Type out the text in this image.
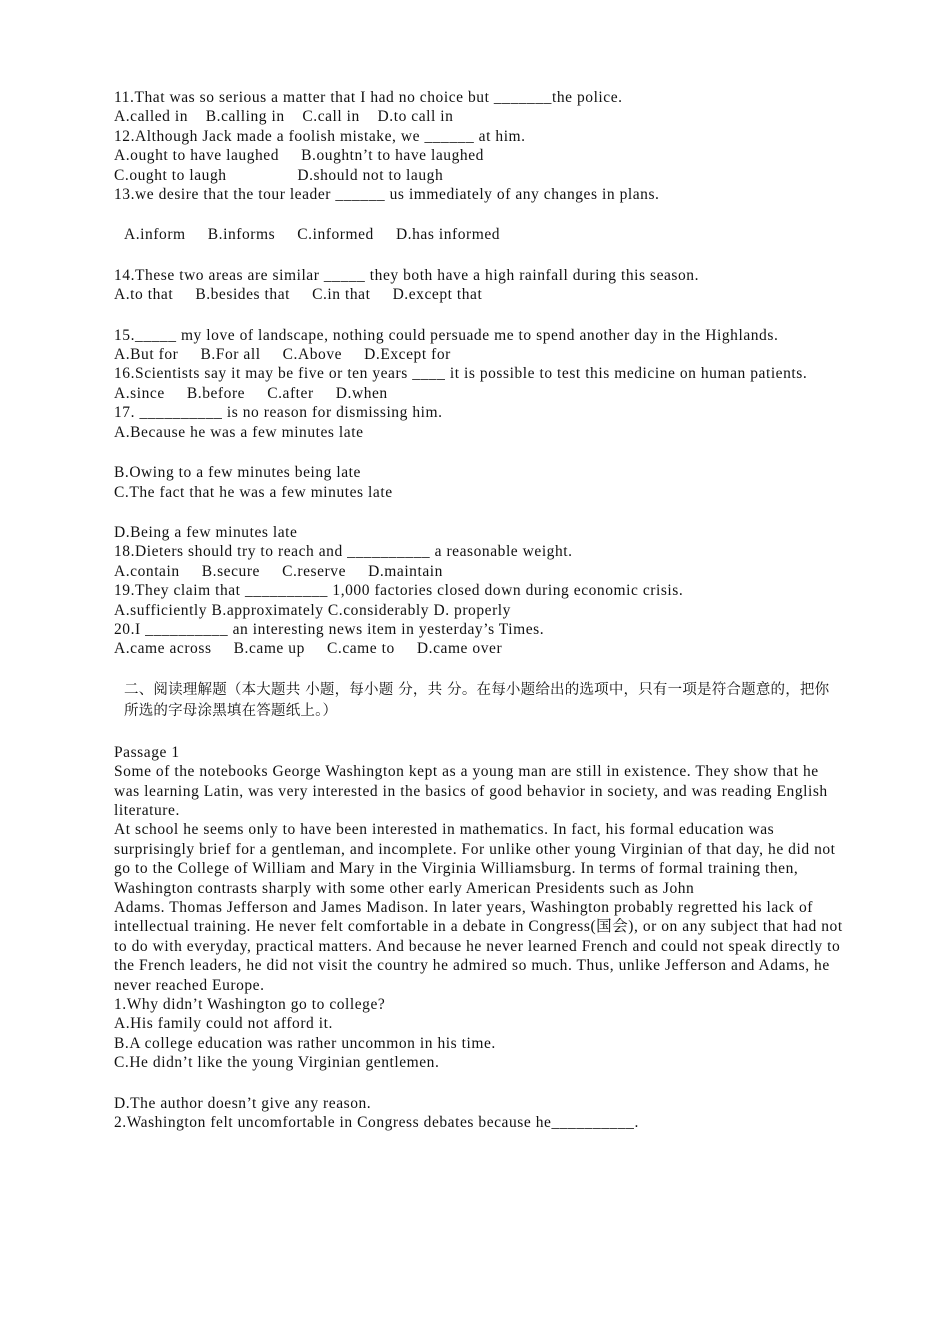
11.That was so serious a matter that I had no choice but _______the police.
A.called in    B.calling in    C.call in    D.to call in
12.Although Jack made a foolish mistake, we ______ at him.
A.ought to have laughed     B.oughtn’t to have laughed
C.ought to laugh                D.should not to laugh
13.we desire that the tour leader ______ us immediately of any changes in plans.
A.inform     B.informs     C.informed     D.has informed
14.These two areas are similar _____ they both have a high rainfall during this season.
A.to that     B.besides that     C.in that     D.except that
15._____ my love of landscape, nothing could persuade me to spend another day in the Highlands.
A.But for     B.For all     C.Above     D.Except for
16.Scientists say it may be five or ten years ____ it is possible to test this medicine on human patients.
A.since     B.before     C.after     D.when
17. __________ is no reason for dismissing him.
A.Because he was a few minutes late
B.Owing to a few minutes being late
C.The fact that he was a few minutes late
D.Being a few minutes late
18.Dieters should try to reach and __________ a reasonable weight.
A.contain     B.secure     C.reserve     D.maintain
19.They claim that __________ 1,000 factories closed down during economic crisis.
A.sufficiently B.approximately C.considerably D. properly
20.I __________ an interesting news item in yesterday’s Times.
A.came across     B.came up     C.came to     D.came over
二、阅读理解题（本大题共 小题，每小题 分，共 分。在每小题给出的选项中，只有一项是符合题意的，把你所选的字母涂黑填在答题纸上。）
Passage 1
Some of the notebooks George Washington kept as a young man are still in existence. They show that he was learning Latin, was very interested in the basics of good behavior in society, and was reading English literature.
At school he seems only to have been interested in mathematics. In fact, his formal education was surprisingly brief for a gentleman, and incomplete. For unlike other young Virginian of that day, he did not go to the College of William and Mary in the Virginia Williamsburg. In terms of formal training then, Washington contrasts sharply with some other early American Presidents such as John
Adams. Thomas Jefferson and James Madison. In later years, Washington probably regretted his lack of intellectual training. He never felt comfortable in a debate in Congress(国会), or on any subject that had not to do with everyday, practical matters. And because he never learned French and could not speak directly to the French leaders, he did not visit the country he admired so much. Thus, unlike Jefferson and Adams, he never reached Europe.
1.Why didn’t Washington go to college?
A.His family could not afford it.
B.A college education was rather uncommon in his time.
C.He didn’t like the young Virginian gentlemen.
D.The author doesn’t give any reason.
2.Washington felt uncomfortable in Congress debates because he__________.
